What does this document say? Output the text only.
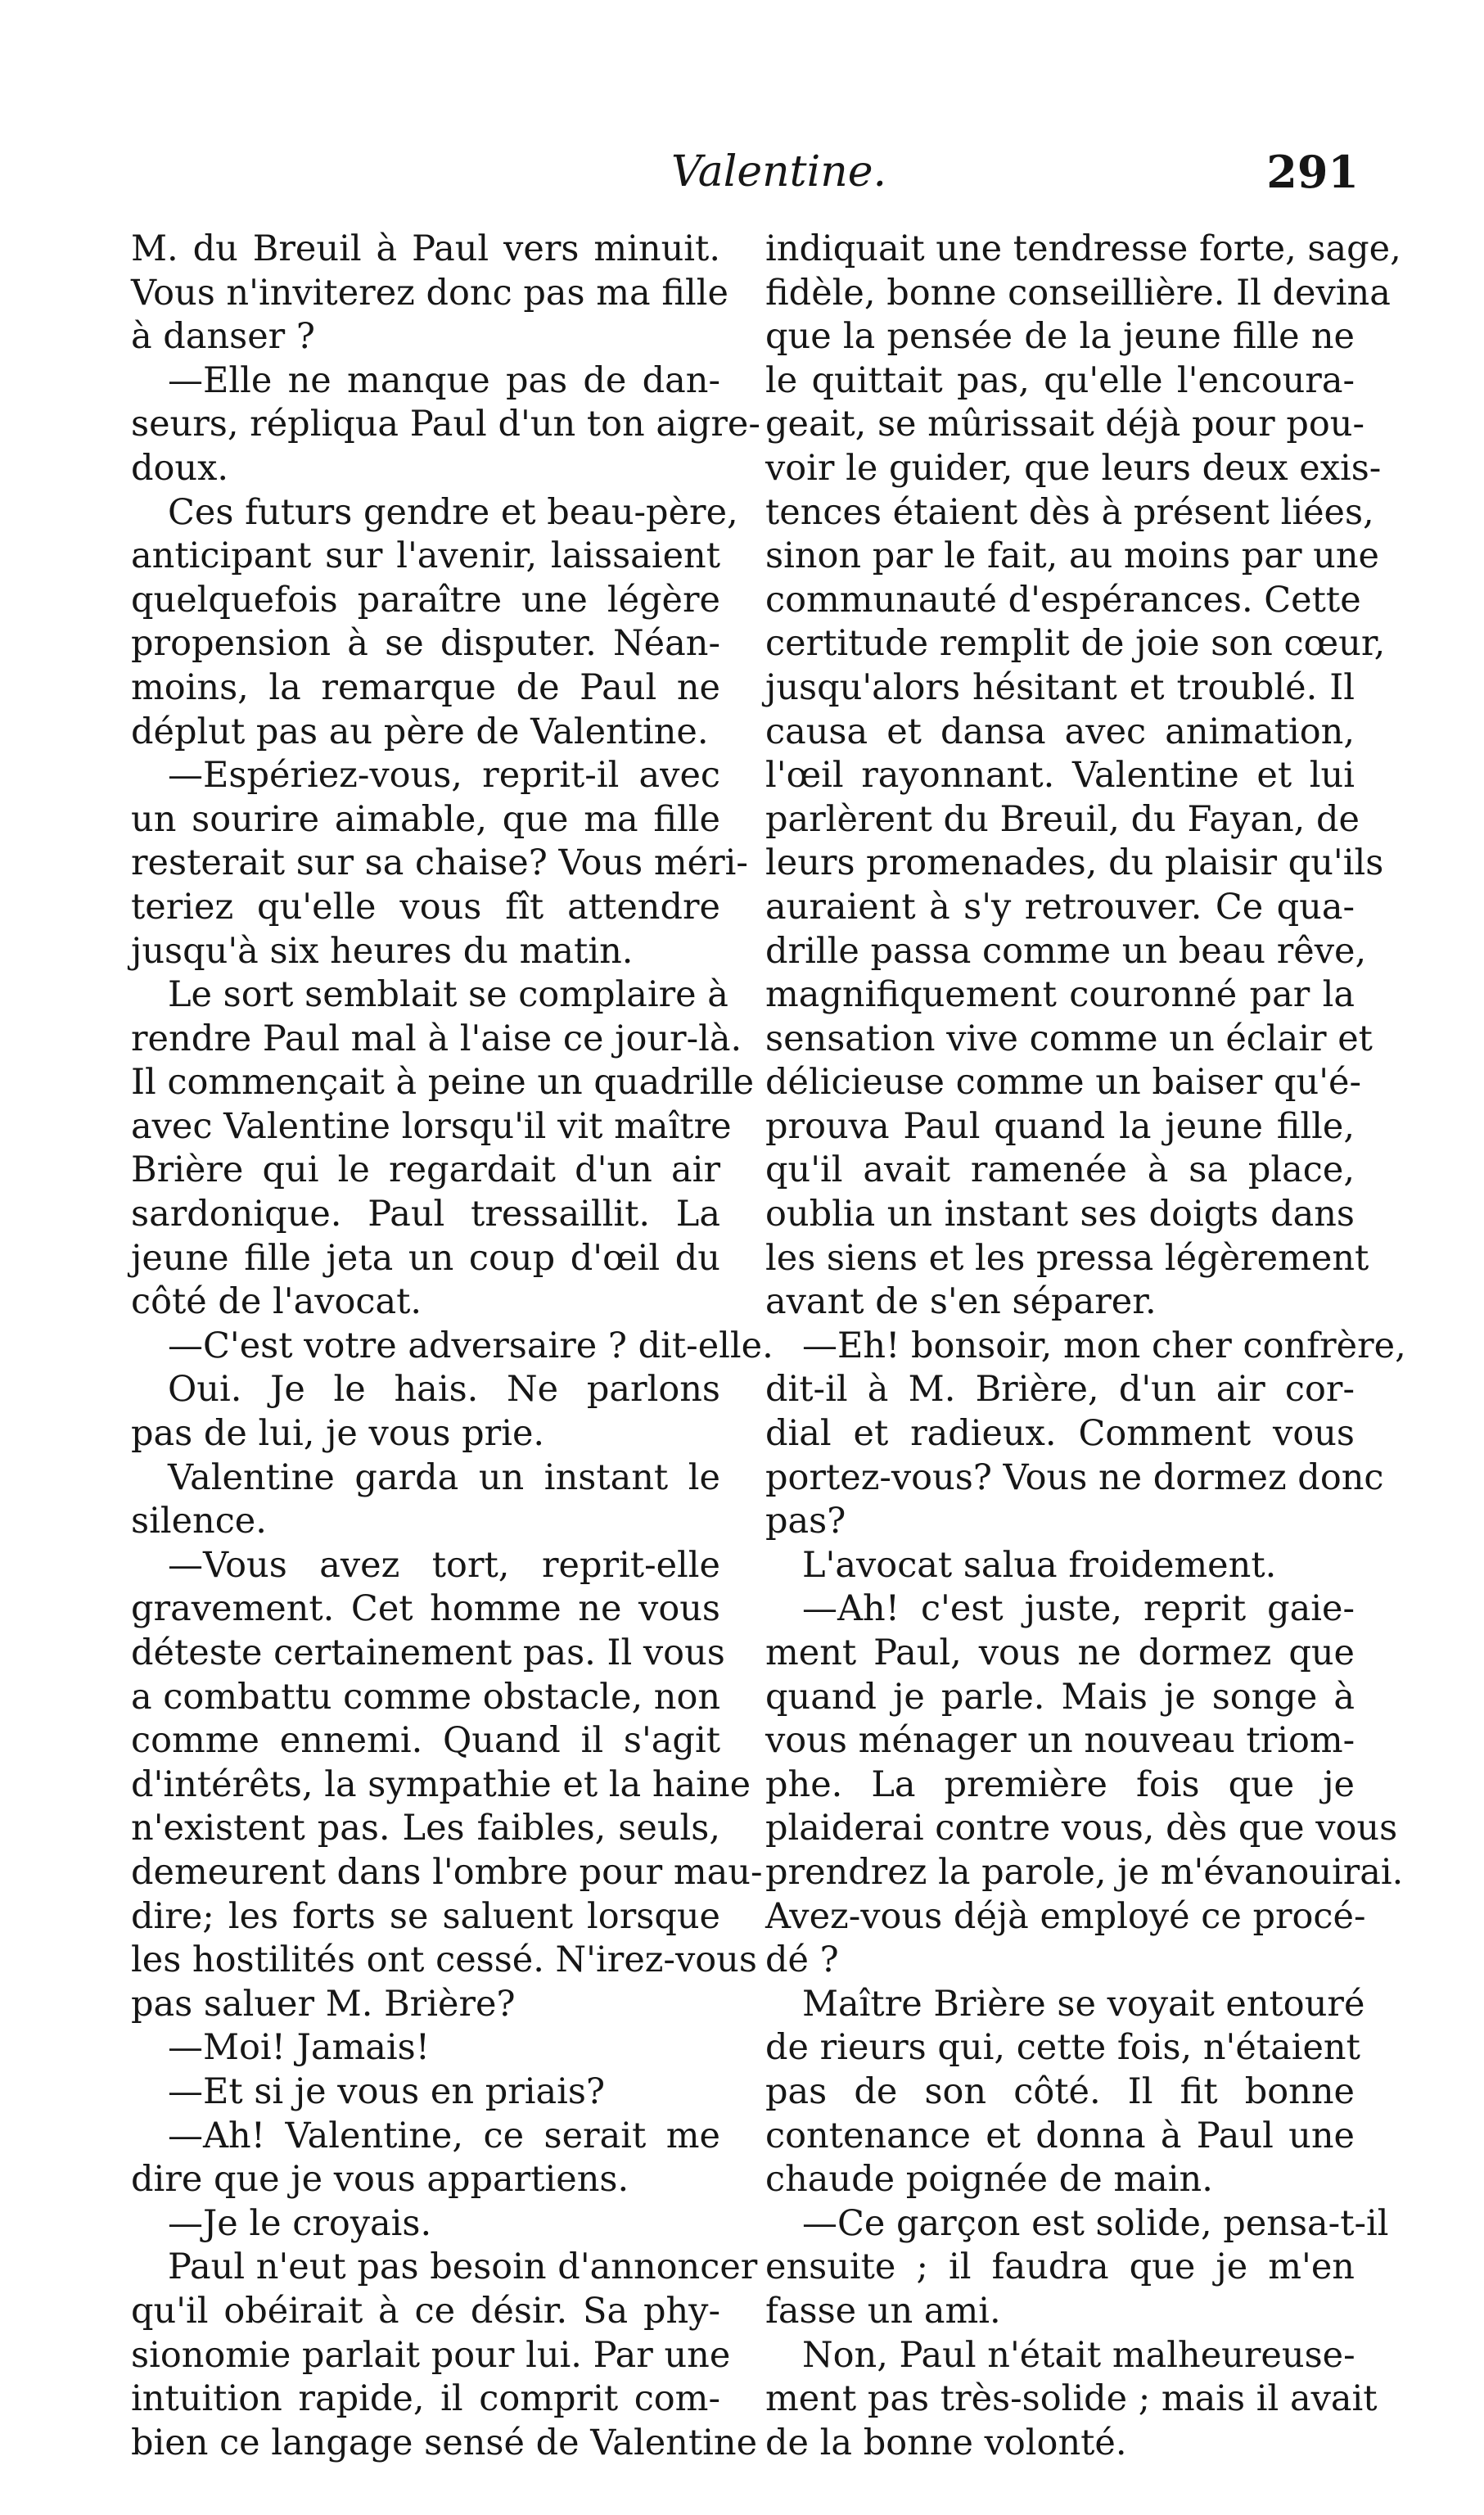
Valentine.	291
M. du Breuil à Paul vers minuit.
Vous n'inviterez donc pas ma fille
à danser ?
—Elle ne manque pas de dan-
seurs, répliqua Paul d'un ton aigre-
doux.
Ces futurs gendre et beau-père,
anticipant sur l'avenir, laissaient
quelquefois paraître une légère
propension à se disputer. Néan-
moins, la remarque de Paul ne
déplut pas au père de Valentine.
—Espériez-vous, reprit-il avec
un sourire aimable, que ma fille
resterait sur sa chaise? Vous méri-
teriez qu'elle vous fît attendre
jusqu'à six heures du matin.
Le sort semblait se complaire à
rendre Paul mal à l'aise ce jour-là.
Il commençait à peine un quadrille
avec Valentine lorsqu'il vit maître
Brière qui le regardait d'un air
sardonique. Paul tressaillit. La
jeune fille jeta un coup d'œil du
côté de l'avocat.
—C'est votre adversaire ? dit-elle.
Oui. Je le hais. Ne parlons
pas de lui, je vous prie.
Valentine garda un instant le
silence.
—Vous avez tort, reprit-elle
gravement. Cet homme ne vous
déteste certainement pas. Il vous
a combattu comme obstacle, non
comme ennemi. Quand il s'agit
d'intérêts, la sympathie et la haine
n'existent pas. Les faibles, seuls,
demeurent dans l'ombre pour mau-
dire; les forts se saluent lorsque
les hostilités ont cessé. N'irez-vous
pas saluer M. Brière?
—Moi! Jamais!
—Et si je vous en priais?
—Ah! Valentine, ce serait me
dire que je vous appartiens.
—Je le croyais.
Paul n'eut pas besoin d'annoncer
qu'il obéirait à ce désir. Sa phy-
sionomie parlait pour lui. Par une
intuition rapide, il comprit com-
bien ce langage sensé de Valentine
indiquait une tendresse forte, sage,
fidèle, bonne conseillière. Il devina
que la pensée de la jeune fille ne
le quittait pas, qu'elle l'encoura-
geait, se mûrissait déjà pour pou-
voir le guider, que leurs deux exis-
tences étaient dès à présent liées,
sinon par le fait, au moins par une
communauté d'espérances. Cette
certitude remplit de joie son cœur,
jusqu'alors hésitant et troublé. Il
causa et dansa avec animation,
l'œil rayonnant. Valentine et lui
parlèrent du Breuil, du Fayan, de
leurs promenades, du plaisir qu'ils
auraient à s'y retrouver. Ce qua-
drille passa comme un beau rêve,
magnifiquement couronné par la
sensation vive comme un éclair et
délicieuse comme un baiser qu'é-
prouva Paul quand la jeune fille,
qu'il avait ramenée à sa place,
oublia un instant ses doigts dans
les siens et les pressa légèrement
avant de s'en séparer.
—Eh! bonsoir, mon cher confrère,
dit-il à M. Brière, d'un air cor-
dial et radieux. Comment vous
portez-vous? Vous ne dormez donc
pas?
L'avocat salua froidement.
—Ah! c'est juste, reprit gaie-
ment Paul, vous ne dormez que
quand je parle. Mais je songe à
vous ménager un nouveau triom-
phe. La première fois que je
plaiderai contre vous, dès que vous
prendrez la parole, je m'évanouirai.
Avez-vous déjà employé ce procé-
dé ?
Maître Brière se voyait entouré
de rieurs qui, cette fois, n'étaient
pas de son côté. Il fit bonne
contenance et donna à Paul une
chaude poignée de main.
—Ce garçon est solide, pensa-t-il
ensuite ; il faudra que je m'en
fasse un ami.
Non, Paul n'était malheureuse-
ment pas très-solide ; mais il avait
de la bonne volonté.
